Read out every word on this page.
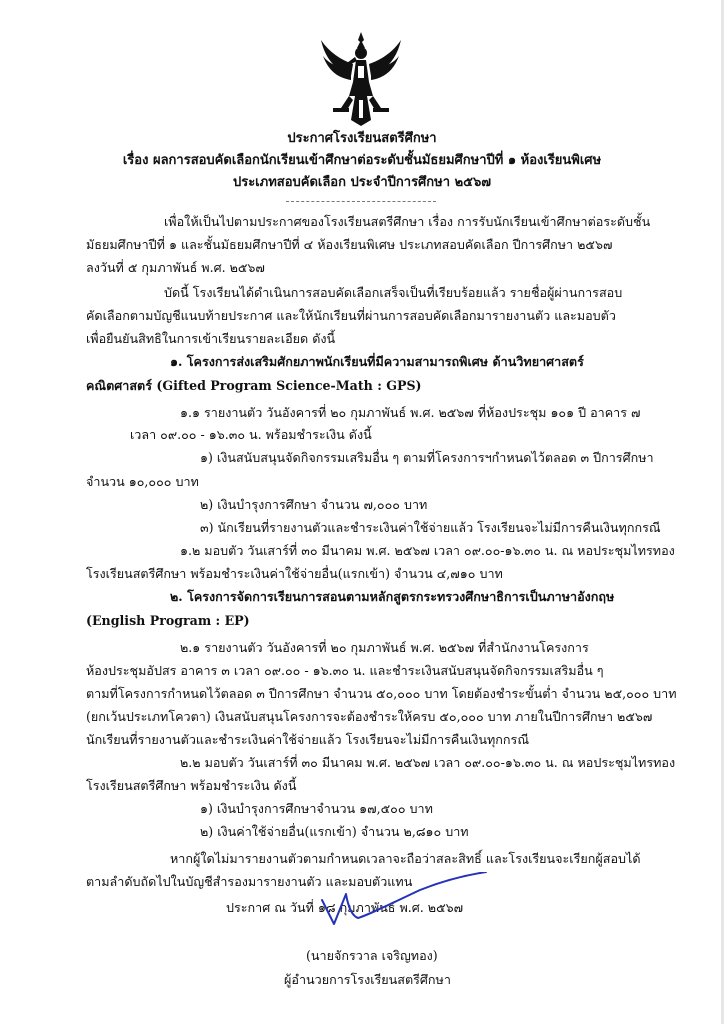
ประกาศโรงเรียนสตรีศึกษา
เรื่อง ผลการสอบคัดเลือกนักเรียนเข้าศึกษาต่อระดับชั้นมัธยมศึกษาปีที่ ๑ ห้องเรียนพิเศษ
ประเภทสอบคัดเลือก ประจำปีการศึกษา ๒๕๖๗
เพื่อให้เป็นไปตามประกาศของโรงเรียนสตรีศึกษา เรื่อง การรับนักเรียนเข้าศึกษาต่อระดับชั้น
มัธยมศึกษาปีที่ ๑ และชั้นมัธยมศึกษาปีที่ ๔ ห้องเรียนพิเศษ ประเภทสอบคัดเลือก ปีการศึกษา ๒๕๖๗
ลงวันที่ ๕ กุมภาพันธ์ พ.ศ. ๒๕๖๗
บัดนี้ โรงเรียนได้ดำเนินการสอบคัดเลือกเสร็จเป็นที่เรียบร้อยแล้ว รายชื่อผู้ผ่านการสอบ
คัดเลือกตามบัญชีแนบท้ายประกาศ และให้นักเรียนที่ผ่านการสอบคัดเลือกมารายงานตัว และมอบตัว
เพื่อยืนยันสิทธิในการเข้าเรียนรายละเอียด ดังนี้
๑. โครงการส่งเสริมศักยภาพนักเรียนที่มีความสามารถพิเศษ ด้านวิทยาศาสตร์
คณิตศาสตร์ (Gifted Program Science-Math : GPS)
๑.๑ รายงานตัว วันอังคารที่ ๒๐ กุมภาพันธ์ พ.ศ. ๒๕๖๗ ที่ห้องประชุม ๑๐๑ ปี อาคาร ๗
เวลา ๐๙.๐๐ - ๑๖.๓๐ น. พร้อมชำระเงิน ดังนี้
๑) เงินสนับสนุนจัดกิจกรรมเสริมอื่น ๆ ตามที่โครงการฯกำหนดไว้ตลอด ๓ ปีการศึกษา
จำนวน ๑๐,๐๐๐ บาท
๒) เงินบำรุงการศึกษา จำนวน ๗,๐๐๐ บาท
๓) นักเรียนที่รายงานตัวและชำระเงินค่าใช้จ่ายแล้ว โรงเรียนจะไม่มีการคืนเงินทุกกรณี
๑.๒ มอบตัว วันเสาร์ที่ ๓๐ มีนาคม พ.ศ. ๒๕๖๗ เวลา ๐๙.๐๐-๑๖.๓๐ น. ณ หอประชุมไทรทอง
โรงเรียนสตรีศึกษา พร้อมชำระเงินค่าใช้จ่ายอื่น(แรกเข้า) จำนวน ๔,๗๑๐ บาท
๒. โครงการจัดการเรียนการสอนตามหลักสูตรกระทรวงศึกษาธิการเป็นภาษาอังกฤษ
(English Program : EP)
๒.๑ รายงานตัว วันอังคารที่ ๒๐ กุมภาพันธ์ พ.ศ. ๒๕๖๗ ที่สำนักงานโครงการ
ห้องประชุมอัปสร อาคาร ๓ เวลา ๐๙.๐๐ - ๑๖.๓๐ น. และชำระเงินสนับสนุนจัดกิจกรรมเสริมอื่น ๆ
ตามที่โครงการกำหนดไว้ตลอด ๓ ปีการศึกษา จำนวน ๕๐,๐๐๐ บาท โดยต้องชำระขั้นต่ำ จำนวน ๒๕,๐๐๐ บาท
(ยกเว้นประเภทโควตา) เงินสนับสนุนโครงการจะต้องชำระให้ครบ ๕๐,๐๐๐ บาท ภายในปีการศึกษา ๒๕๖๗
นักเรียนที่รายงานตัวและชำระเงินค่าใช้จ่ายแล้ว โรงเรียนจะไม่มีการคืนเงินทุกกรณี
๒.๒ มอบตัว วันเสาร์ที่ ๓๐ มีนาคม พ.ศ. ๒๕๖๗ เวลา ๐๙.๐๐-๑๖.๓๐ น. ณ หอประชุมไทรทอง
โรงเรียนสตรีศึกษา พร้อมชำระเงิน ดังนี้
๑) เงินบำรุงการศึกษาจำนวน ๑๗,๕๐๐ บาท
๒) เงินค่าใช้จ่ายอื่น(แรกเข้า) จำนวน ๒,๘๑๐ บาท
หากผู้ใดไม่มารายงานตัวตามกำหนดเวลาจะถือว่าสละสิทธิ์ และโรงเรียนจะเรียกผู้สอบได้
ตามลำดับถัดไปในบัญชีสำรองมารายงานตัว และมอบตัวแทน
ประกาศ ณ วันที่ ๑๘ กุมภาพันธ์ พ.ศ. ๒๕๖๗
(นายจักรวาล เจริญทอง)
ผู้อำนวยการโรงเรียนสตรีศึกษา
